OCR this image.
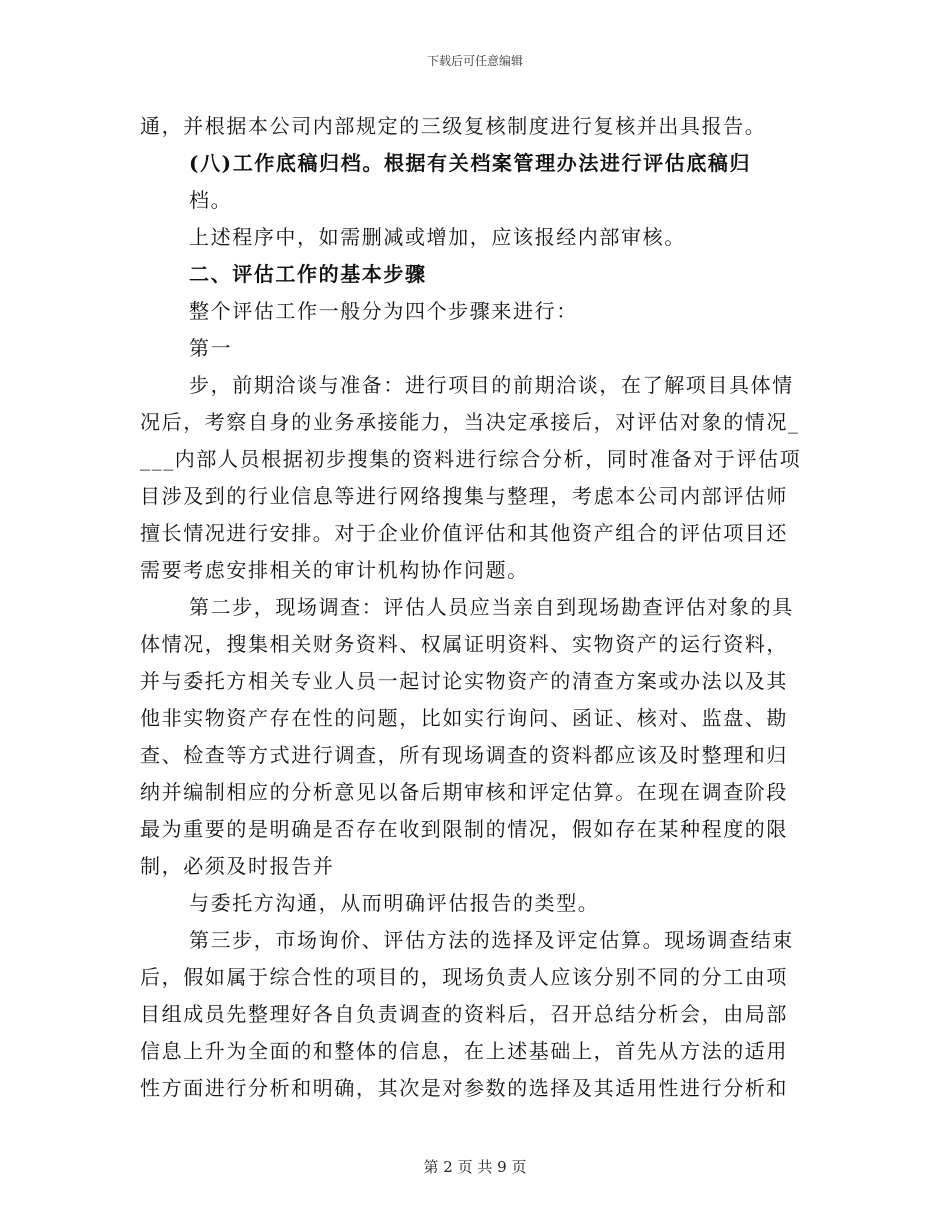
下载后可任意编辑
通，并根据本公司内部规定的三级复核制度进行复核并出具报告。
(八)工作底稿归档。根据有关档案管理办法进行评估底稿归
档。
上述程序中，如需删减或增加，应该报经内部审核。
二、评估工作的基本步骤
整个评估工作一般分为四个步骤来进行：
第一
步，前期洽谈与准备：进行项目的前期洽谈，在了解项目具体情
况后，考察自身的业务承接能力，当决定承接后，对评估对象的情况_
___内部人员根据初步搜集的资料进行综合分析，同时准备对于评估项
目涉及到的行业信息等进行网络搜集与整理，考虑本公司内部评估师
擅长情况进行安排。对于企业价值评估和其他资产组合的评估项目还
需要考虑安排相关的审计机构协作问题。
第二步，现场调查：评估人员应当亲自到现场勘查评估对象的具
体情况，搜集相关财务资料、权属证明资料、实物资产的运行资料，
并与委托方相关专业人员一起讨论实物资产的清查方案或办法以及其
他非实物资产存在性的问题，比如实行询问、函证、核对、监盘、勘
查、检查等方式进行调查，所有现场调查的资料都应该及时整理和归
纳并编制相应的分析意见以备后期审核和评定估算。在现在调查阶段
最为重要的是明确是否存在收到限制的情况，假如存在某种程度的限
制，必须及时报告并
与委托方沟通，从而明确评估报告的类型。
第三步，市场询价、评估方法的选择及评定估算。现场调查结束
后，假如属于综合性的项目的，现场负责人应该分别不同的分工由项
目组成员先整理好各自负责调查的资料后，召开总结分析会，由局部
信息上升为全面的和整体的信息，在上述基础上，首先从方法的适用
性方面进行分析和明确，其次是对参数的选择及其适用性进行分析和
第 2 页 共 9 页
